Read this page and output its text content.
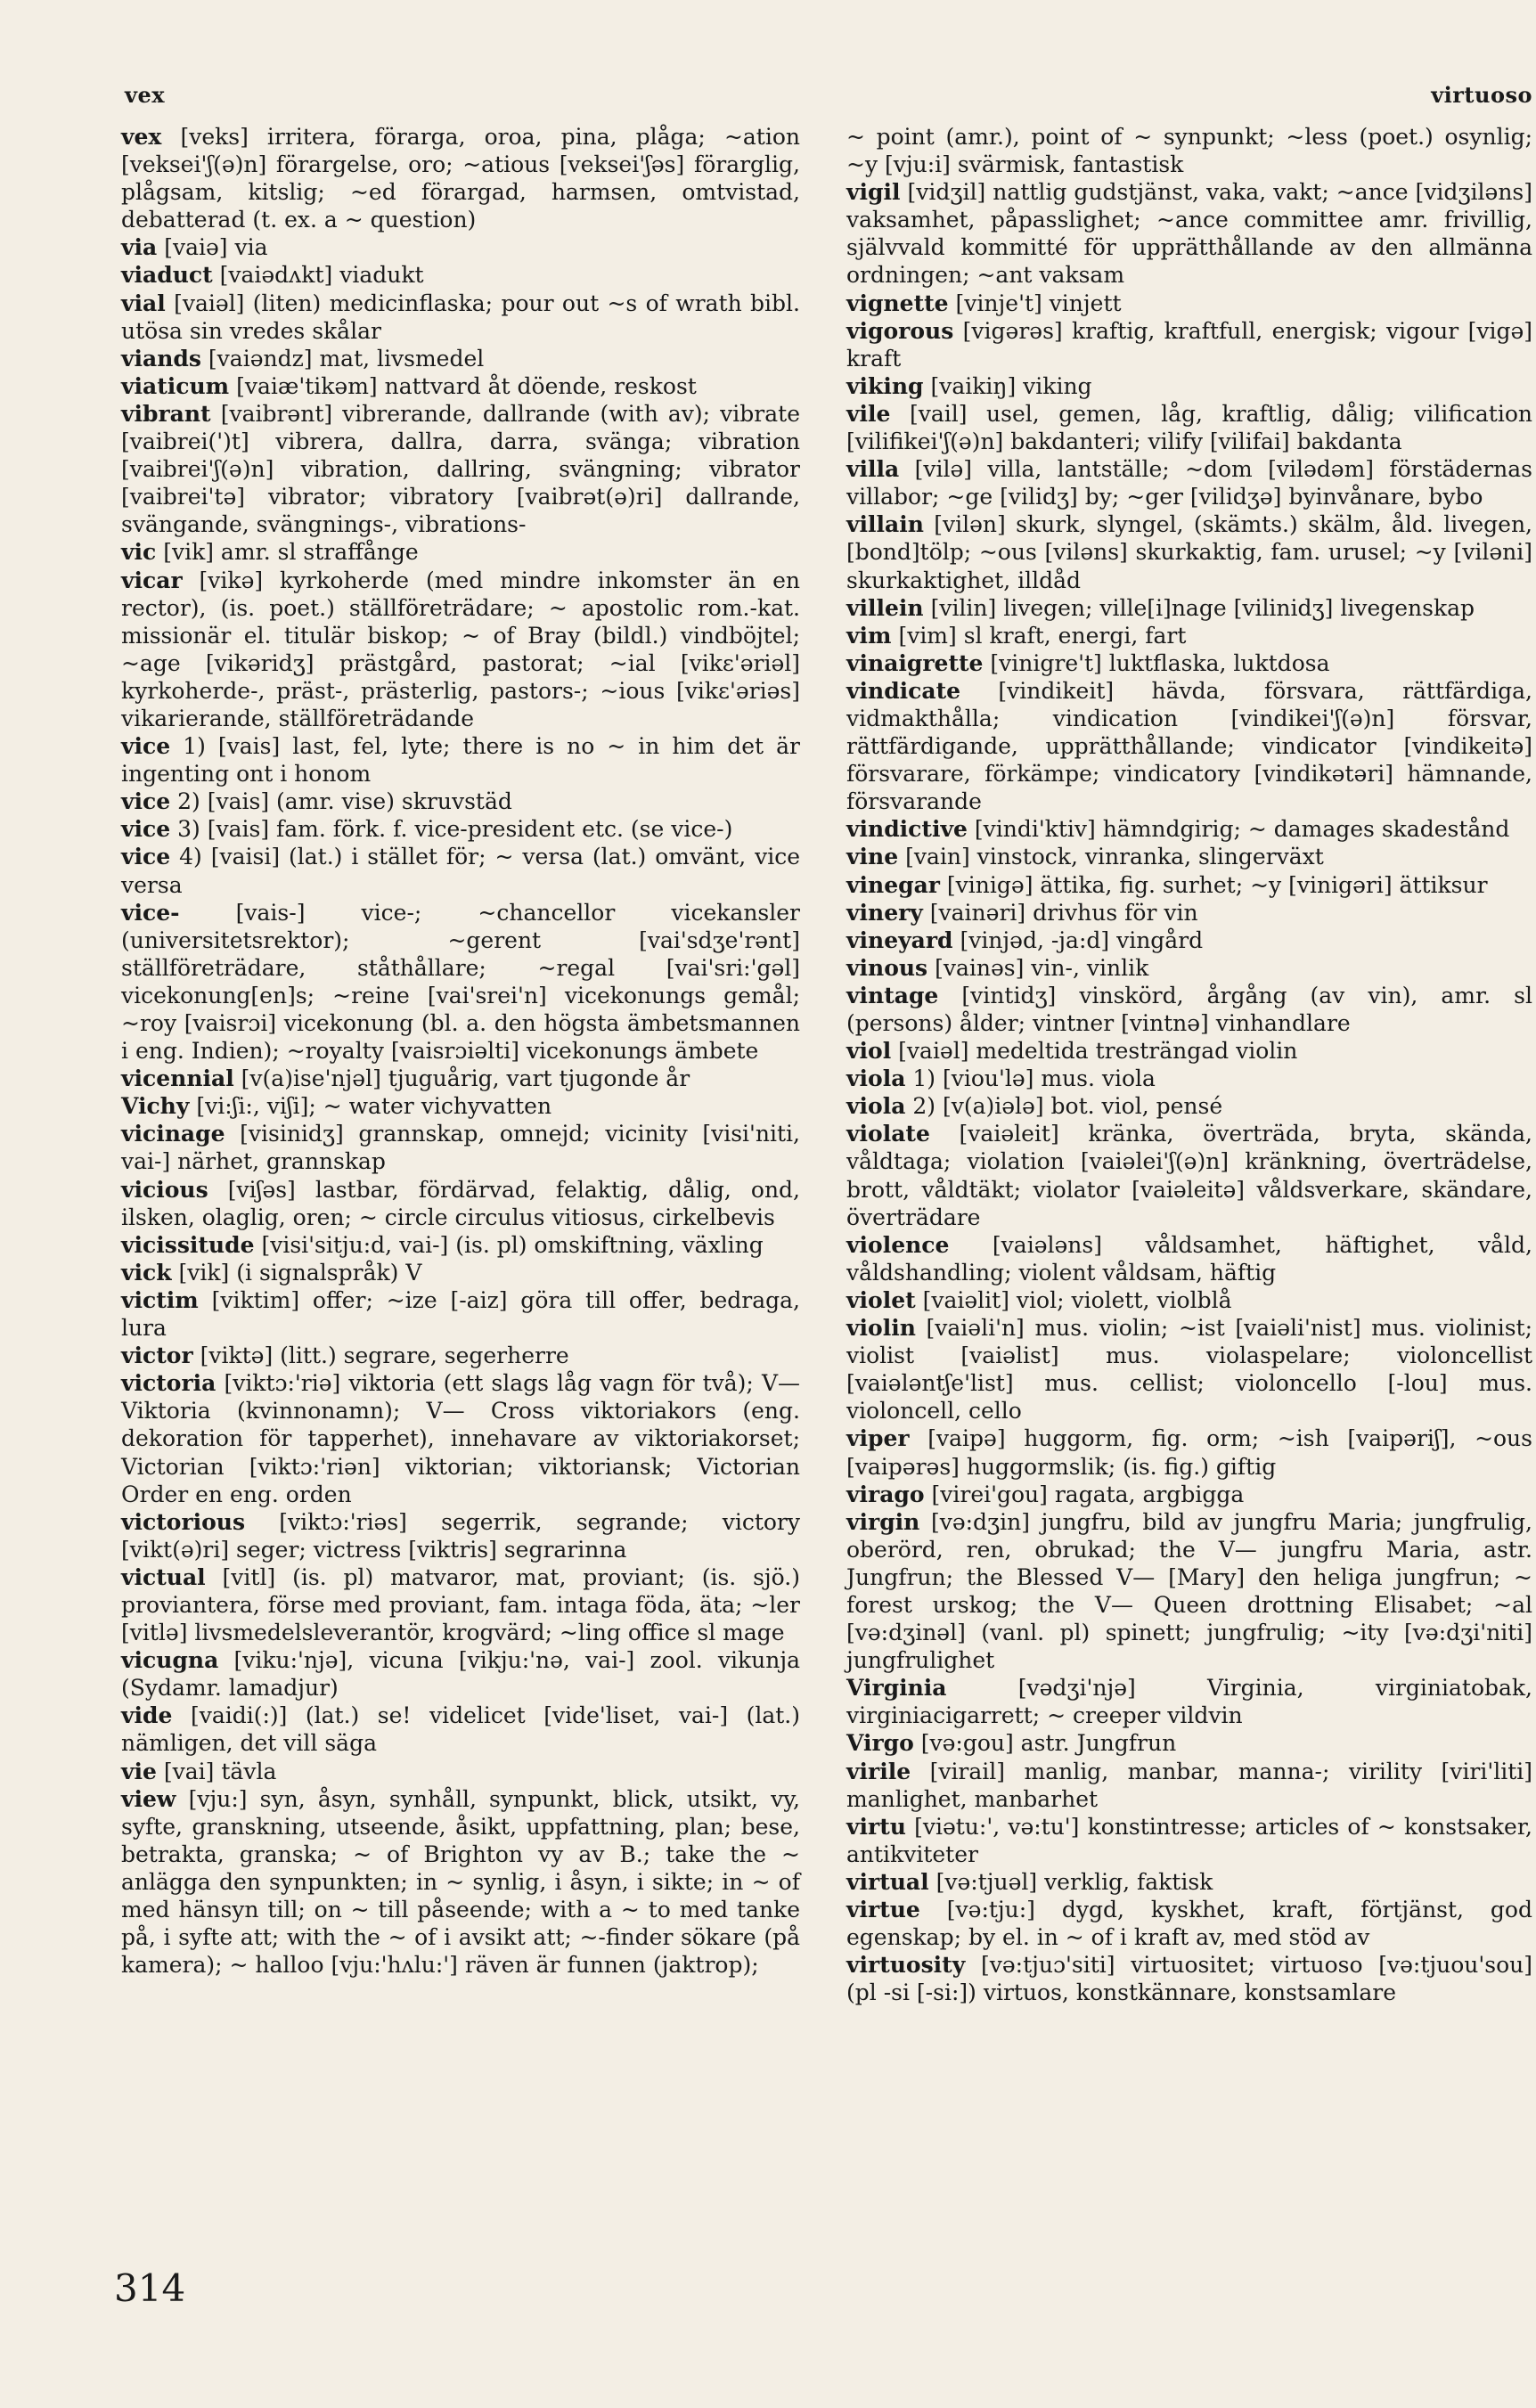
vex	virtuoso

vex [veks] irritera, förarga, oroa, pina, plåga; ~ation [veksei'ʃ(ə)n] förargelse, oro; ~atious [veksei'ʃəs] förarglig, plågsam, kitslig; ~ed förargad, harmsen, omtvistad, debatterad (t. ex. a ~ question)

via [vaiə] via

viaduct [vaiədʌkt] viadukt

vial [vaiəl] (liten) medicinflaska; pour out ~s of wrath bibl. utösa sin vredes skålar

viands [vaiəndz] mat, livsmedel

viaticum [vaiæ'tikəm] nattvard åt döende, reskost

vibrant [vaibrənt] vibrerande, dallrande (with av); vibrate [vaibrei(')t] vibrera, dallra, darra, svänga; vibration [vaibrei'ʃ(ə)n] vibration, dallring, svängning; vibrator [vaibrei'tə] vibrator; vibratory [vaibrət(ə)ri] dallrande, svängande, svängnings-, vibrations-

vic [vik] amr. sl straffånge

vicar [vikə] kyrkoherde (med mindre inkomster än en rector), (is. poet.) ställföreträdare; ~ apostolic rom.-kat. missionär el. titulär biskop; ~ of Bray (bildl.) vindböjtel; ~age [vikəridʒ] prästgård, pastorat; ~ial [vikɛ'əriəl] kyrkoherde-, präst-, prästerlig, pastors-; ~ious [vikɛ'əriəs] vikarierande, ställföreträdande

vice 1) [vais] last, fel, lyte; there is no ~ in him det är ingenting ont i honom

vice 2) [vais] (amr. vise) skruvstäd

vice 3) [vais] fam. förk. f. vice-president etc. (se vice-)

vice 4) [vaisi] (lat.) i stället för; ~ versa (lat.) omvänt, vice versa

vice-	[vais-] vice-; ~chancellor vicekansler (universitetsrektor); ~gerent [vai'sdʒe'rənt] ställföreträdare, ståthållare; ~regal [vai'sri:'gəl] vicekonung[en]s; ~reine [vai'srei'n] vicekonungs gemål; ~roy [vaisrɔi] vicekonung (bl. a. den högsta ämbetsmannen i eng. Indien); ~royalty [vaisrɔiəlti] vicekonungs ämbete

vicennial [v(a)ise'njəl] tjuguårig, vart tjugonde år

Vichy [vi:ʃi:, viʃi]; ~ water vichyvatten

vicinage [visinidʒ] grannskap, omnejd; vicinity [visi'niti, vai-] närhet, grannskap

vicious [viʃəs] lastbar, fördärvad, felaktig, dålig, ond, ilsken, olaglig, oren; ~ circle circulus vitiosus, cirkelbevis

vicissitude [visi'sitju:d, vai-] (is. pl) omskiftning, växling

vick [vik] (i signalspråk) V

victim [viktim] offer; ~ize [-aiz] göra till offer, bedraga, lura

victor [viktə] (litt.) segrare, segerherre

victoria [viktɔ:'riə] viktoria (ett slags låg vagn för två); V— Viktoria (kvinnonamn); V— Cross viktoriakors (eng. dekoration för tapperhet), innehavare av viktoriakorset; Victorian [viktɔ:'riən] viktorian; viktoriansk; Victorian Order en eng. orden

victorious [viktɔ:'riəs] segerrik, segrande; victory [vikt(ə)ri] seger; victress [viktris] segrarinna

victual [vitl] (is. pl) matvaror, mat, proviant; (is. sjö.) proviantera, förse med proviant, fam. intaga föda, äta; ~ler [vitlə] livsmedelsleverantör, krogvärd; ~ling office sl mage

vicugna [viku:'njə], vicuna [vikju:'nə, vai-] zool. vikunja (Sydamr. lamadjur)

vide [vaidi(:)] (lat.) se! videlicet [vide'liset, vai-] (lat.) nämligen, det vill säga

vie [vai] tävla

view [vju:] syn, åsyn, synhåll, synpunkt, blick, utsikt, vy, syfte, granskning, utseende, åsikt, uppfattning, plan; bese, betrakta, granska; ~ of Brighton vy av B.; take the ~ anlägga den synpunkten; in ~ synlig, i åsyn, i sikte; in ~ of med hänsyn till; on ~ till påseende; with a ~ to med tanke på, i syfte att; with the ~ of i avsikt att; ~-finder sökare (på kamera); ~ halloo [vju:'hʌlu:'] räven är funnen (jaktrop);

~ point (amr.), point of ~ synpunkt; ~less (poet.) osynlig; ~y [vju:i] svärmisk, fantastisk

vigil [vidʒil] nattlig gudstjänst, vaka, vakt; ~ance [vidʒiləns] vaksamhet, påpasslighet; ~ance committee amr. frivillig, självvald kommitté för upprätthållande av den allmänna ordningen; ~ant vaksam

vignette [vinje't] vinjett

vigorous [vigərəs] kraftig, kraftfull, energisk; vigour [vigə] kraft

viking [vaikiŋ] viking

vile [vail] usel, gemen, låg, kraftlig, dålig; vilification [vilifikei'ʃ(ə)n] bakdanteri; vilify [vilifai] bakdanta

villa [vilə] villa, lantställe; ~dom [vilədəm] förstädernas villabor; ~ge [vilidʒ] by; ~ger [vilidʒə] byinvånare, bybo

villain [vilən] skurk, slyngel, (skämts.) skälm, åld. livegen, [bond]tölp; ~ous [viləns] skurkaktig, fam. urusel; ~y [viləni] skurkaktighet, illdåd

villein [vilin] livegen; ville[i]nage [vilinidʒ] livegenskap

vim [vim] sl kraft, energi, fart

vinaigrette [vinigre't] luktflaska, luktdosa

vindicate [vindikeit] hävda, försvara, rättfärdiga, vidmakthålla; vindication [vindikei'ʃ(ə)n] försvar, rättfärdigande, upprätthållande; vindicator [vindikeitə] försvarare, förkämpe; vindicatory [vindikətəri] hämnande, försvarande

vindictive [vindi'ktiv] hämndgirig; ~ damages skadestånd

vine [vain] vinstock, vinranka, slingerväxt

vinegar [vinigə] ättika, fig. surhet; ~y [vinigəri] ättiksur

vinery [vainəri] drivhus för vin

vineyard [vinjəd, -ja:d] vingård

vinous [vainəs] vin-, vinlik

vintage [vintidʒ] vinskörd, årgång (av vin), amr. sl (persons) ålder; vintner [vintnə] vinhandlare

viol [vaiəl] medeltida tresträngad violin

viola 1) [viou'lə] mus. viola

viola 2) [v(a)iələ] bot. viol, pensé

violate [vaiəleit] kränka, överträda, bryta, skända, våldtaga; violation [vaiəlei'ʃ(ə)n] kränkning, överträdelse, brott, våldtäkt; violator [vaiəleitə] våldsverkare, skändare, överträdare

violence [vaiələns] våldsamhet, häftighet, våld, våldshandling; violent våldsam, häftig

violet [vaiəlit] viol; violett, violblå

violin [vaiəli'n] mus. violin; ~ist [vaiəli'nist] mus. violinist; violist [vaiəlist] mus. violaspelare; violoncellist [vaiələntʃe'list] mus. cellist; violoncello [-lou] mus. violoncell, cello

viper [vaipə] huggorm, fig. orm; ~ish [vaipəriʃ], ~ous [vaipərəs] huggormslik; (is. fig.) giftig

virago [virei'gou] ragata, argbigga

virgin [və:dʒin] jungfru, bild av jungfru Maria; jungfrulig, oberörd, ren, obrukad; the V— jungfru Maria, astr. Jungfrun; the Blessed V— [Mary] den heliga jungfrun; ~ forest urskog; the V— Queen drottning Elisabet; ~al [və:dʒinəl] (vanl. pl) spinett; jungfrulig; ~ity [və:dʒi'niti] jungfrulighet

Virginia	[vədʒi'njə] Virginia, virginiatobak, virginiacigarrett; ~ creeper vildvin

Virgo [və:gou] astr. Jungfrun

virile [virail] manlig, manbar, manna-; virility [viri'liti] manlighet, manbarhet

virtu [viətu:', və:tu'] konstintresse; articles of ~ konstsaker, antikviteter

virtual [və:tjuəl] verklig, faktisk

virtue [və:tju:] dygd, kyskhet, kraft, förtjänst, god egenskap; by el. in ~ of i kraft av, med stöd av

virtuosity [və:tjuɔ'siti] virtuositet; virtuoso [və:tjuou'sou] (pl -si [-si:]) virtuos, konstkännare, konstsamlare

314
